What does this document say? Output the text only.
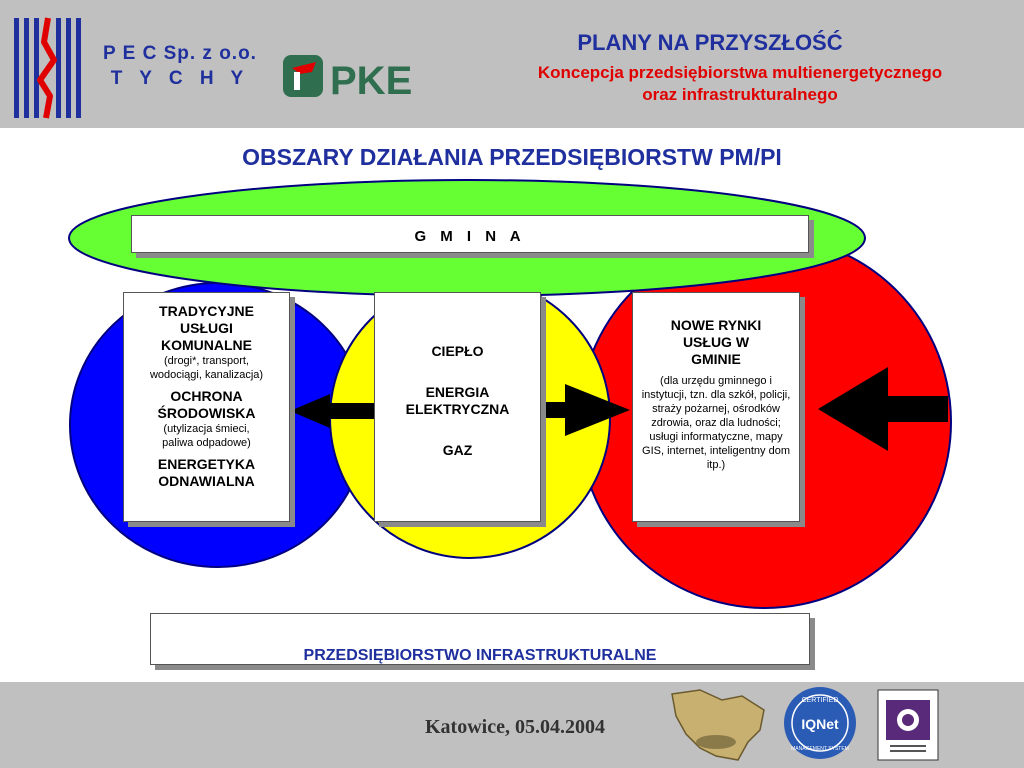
PKE
CERTIFIED
IQNet
MANAGEMENT SYSTEM
P E C Sp. z o.o.
T Y C H Y
PLANY NA PRZYSZŁOŚĆ
Koncepcja przedsiębiorstwa multienergetycznego
oraz infrastrukturalnego
OBSZARY DZIAŁANIA PRZEDSIĘBIORSTW PM/PI
G M I N A
TRADYCYJNE USŁUGI KOMUNALNE
(drogi*, transport, wodociągi, kanalizacja)
OCHRONA ŚRODOWISKA
(utylizacja śmieci, paliwa odpadowe)
ENERGETYKA ODNAWIALNA
CIEPŁO
ENERGIA ELEKTRYCZNA
GAZ
NOWE RYNKI USŁUG W GMINIE
(dla urzędu gminnego i instytucji, tzn. dla szkół, policji, straży pożarnej, ośrodków zdrowia, oraz dla ludności; usługi informatyczne, mapy GIS, internet, inteligentny dom itp.)
PRZEDSIĘBIORSTWO INFRASTRUKTURALNE
Katowice, 05.04.2004
